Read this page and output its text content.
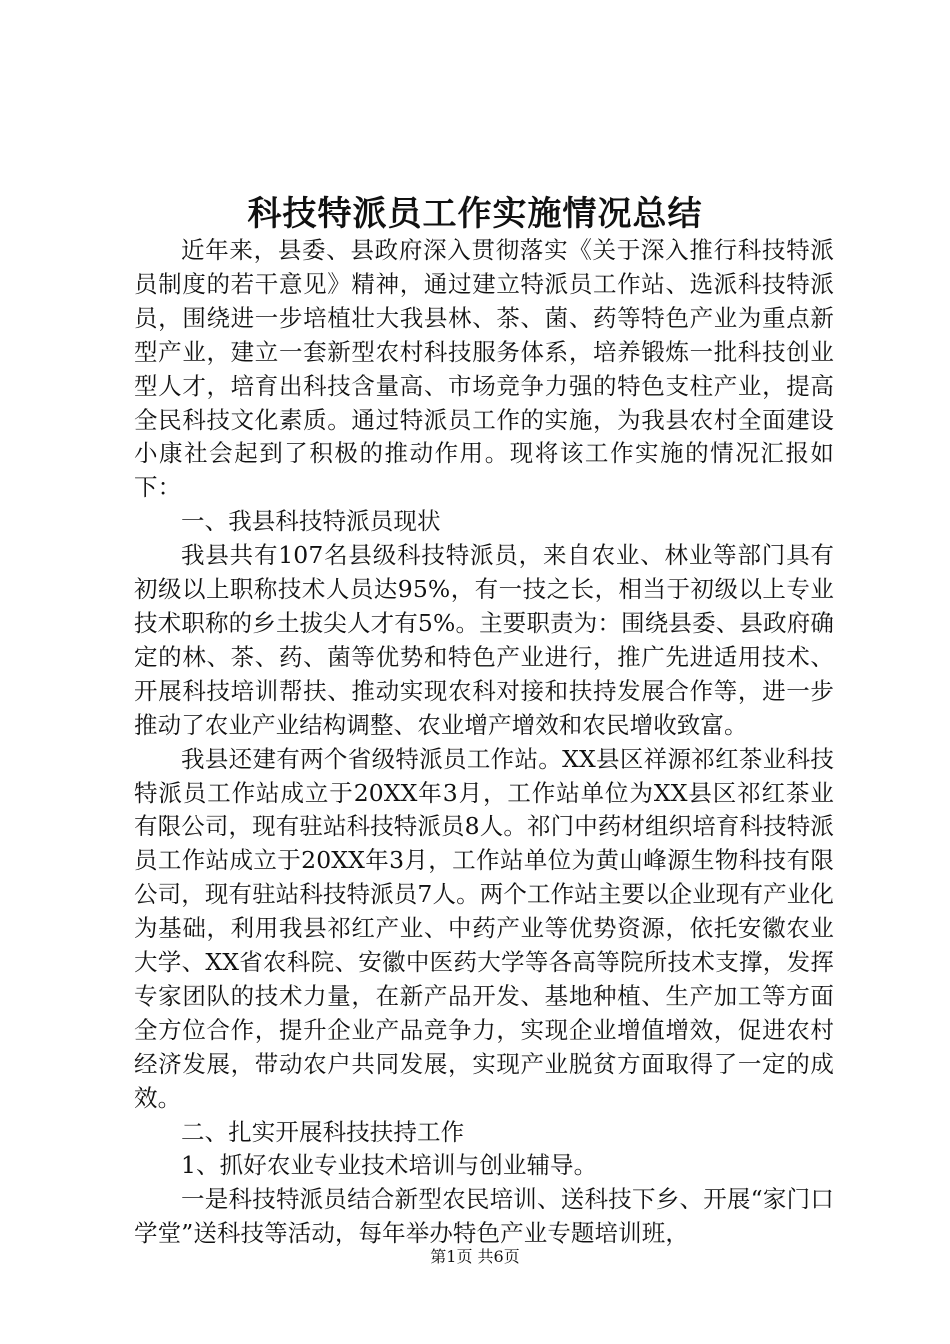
科技特派员工作实施情况总结

近年来，县委、县政府深入贯彻落实《关于深入推行科技特派员制度的若干意见》精神，通过建立特派员工作站、选派科技特派员，围绕进一步培植壮大我县林、茶、菌、药等特色产业为重点新型产业，建立一套新型农村科技服务体系，培养锻炼一批科技创业型人才，培育出科技含量高、市场竞争力强的特色支柱产业，提高全民科技文化素质。通过特派员工作的实施，为我县农村全面建设小康社会起到了积极的推动作用。现将该工作实施的情况汇报如下：

一、我县科技特派员现状

我县共有107名县级科技特派员，来自农业、林业等部门具有初级以上职称技术人员达95%，有一技之长，相当于初级以上专业技术职称的乡土拔尖人才有5%。主要职责为：围绕县委、县政府确定的林、茶、药、菌等优势和特色产业进行，推广先进适用技术、开展科技培训帮扶、推动实现农科对接和扶持发展合作等，进一步推动了农业产业结构调整、农业增产增效和农民增收致富。

我县还建有两个省级特派员工作站。XX县区祥源祁红茶业科技特派员工作站成立于20XX年3月，工作站单位为XX县区祁红茶业有限公司，现有驻站科技特派员8人。祁门中药材组织培育科技特派员工作站成立于20XX年3月，工作站单位为黄山峰源生物科技有限公司，现有驻站科技特派员7人。两个工作站主要以企业现有产业化为基础，利用我县祁红产业、中药产业等优势资源，依托安徽农业大学、XX省农科院、安徽中医药大学等各高等院所技术支撑，发挥专家团队的技术力量，在新产品开发、基地种植、生产加工等方面全方位合作，提升企业产品竞争力，实现企业增值增效，促进农村经济发展，带动农户共同发展，实现产业脱贫方面取得了一定的成效。

二、扎实开展科技扶持工作

1、抓好农业专业技术培训与创业辅导。

一是科技特派员结合新型农民培训、送科技下乡、开展“家门口学堂”送科技等活动，每年举办特色产业专题培训班，

第1页 共6页
